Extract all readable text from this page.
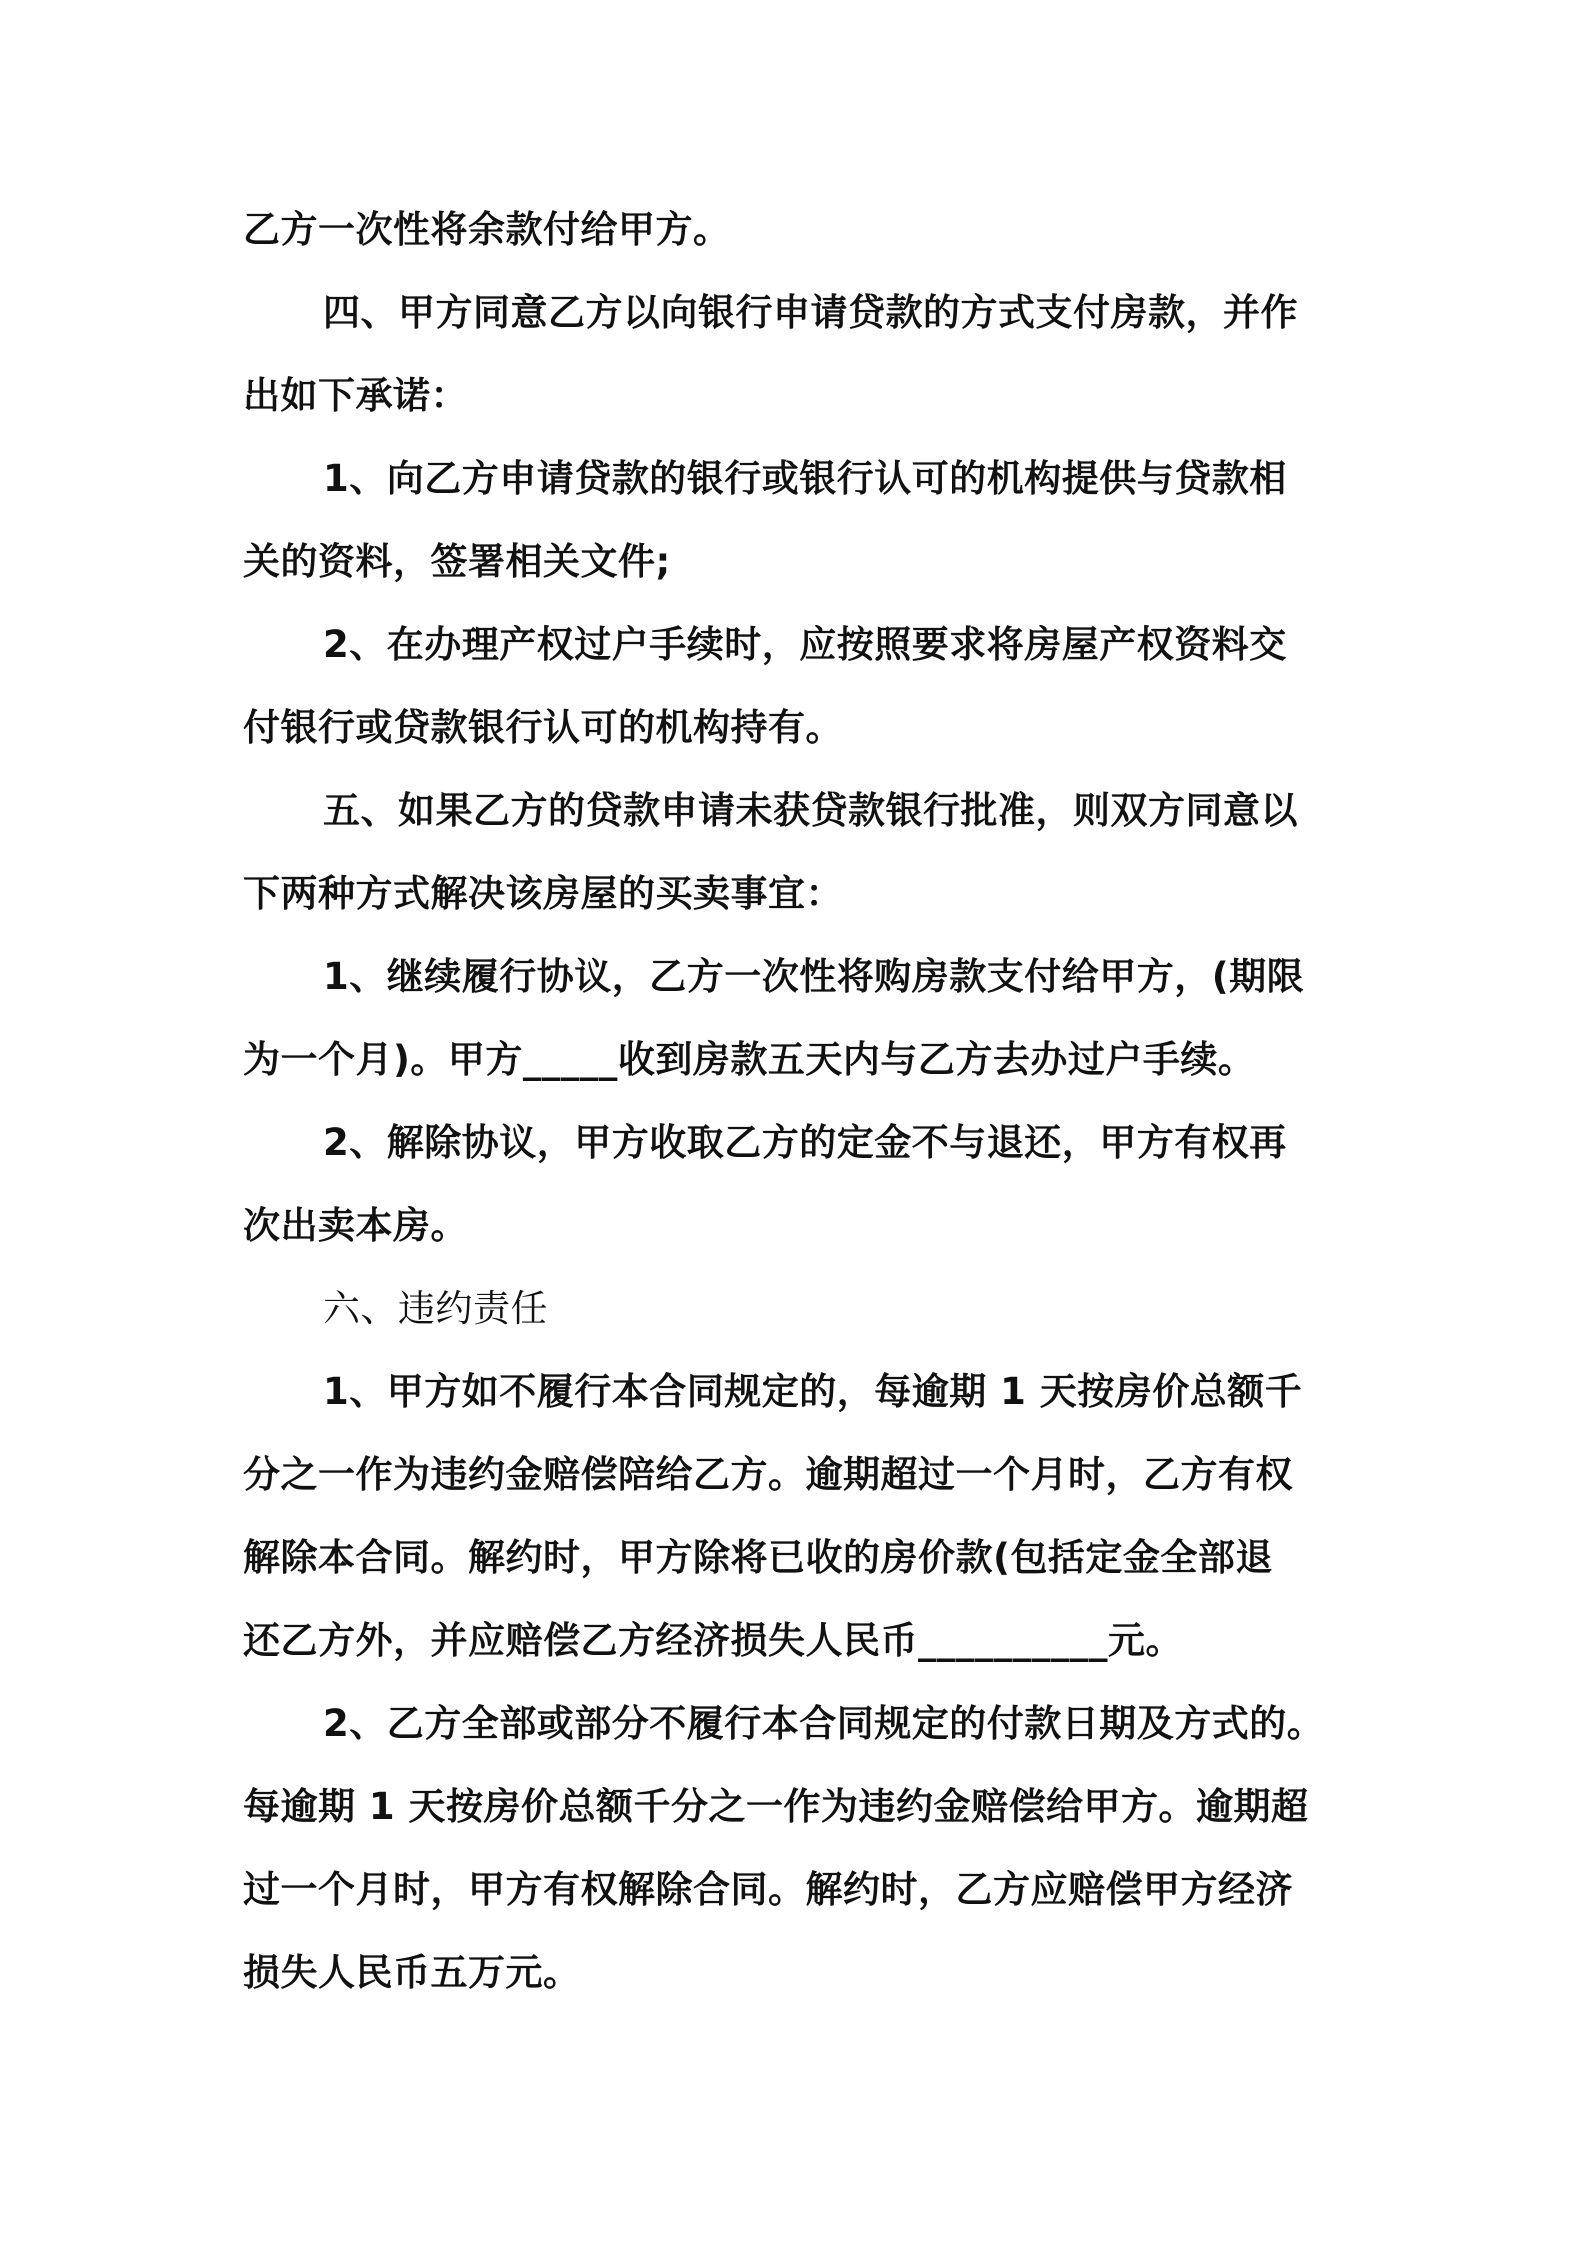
乙方一次性将余款付给甲方。

四、甲方同意乙方以向银行申请贷款的方式支付房款，并作

出如下承诺：

1、向乙方申请贷款的银行或银行认可的机构提供与贷款相

关的资料，签署相关文件;

2、在办理产权过户手续时，应按照要求将房屋产权资料交

付银行或贷款银行认可的机构持有。

五、如果乙方的贷款申请未获贷款银行批准，则双方同意以

下两种方式解决该房屋的买卖事宜：

1、继续履行协议，乙方一次性将购房款支付给甲方，(期限

为一个月)。甲方_____收到房款五天内与乙方去办过户手续。

2、解除协议，甲方收取乙方的定金不与退还，甲方有权再

次出卖本房。

六、违约责任

1、甲方如不履行本合同规定的，每逾期 1 天按房价总额千

分之一作为违约金赔偿陪给乙方。逾期超过一个月时，乙方有权

解除本合同。解约时，甲方除将已收的房价款(包括定金全部退

还乙方外，并应赔偿乙方经济损失人民币__________元。

2、乙方全部或部分不履行本合同规定的付款日期及方式的。

每逾期 1 天按房价总额千分之一作为违约金赔偿给甲方。逾期超

过一个月时，甲方有权解除合同。解约时，乙方应赔偿甲方经济

损失人民币五万元。
